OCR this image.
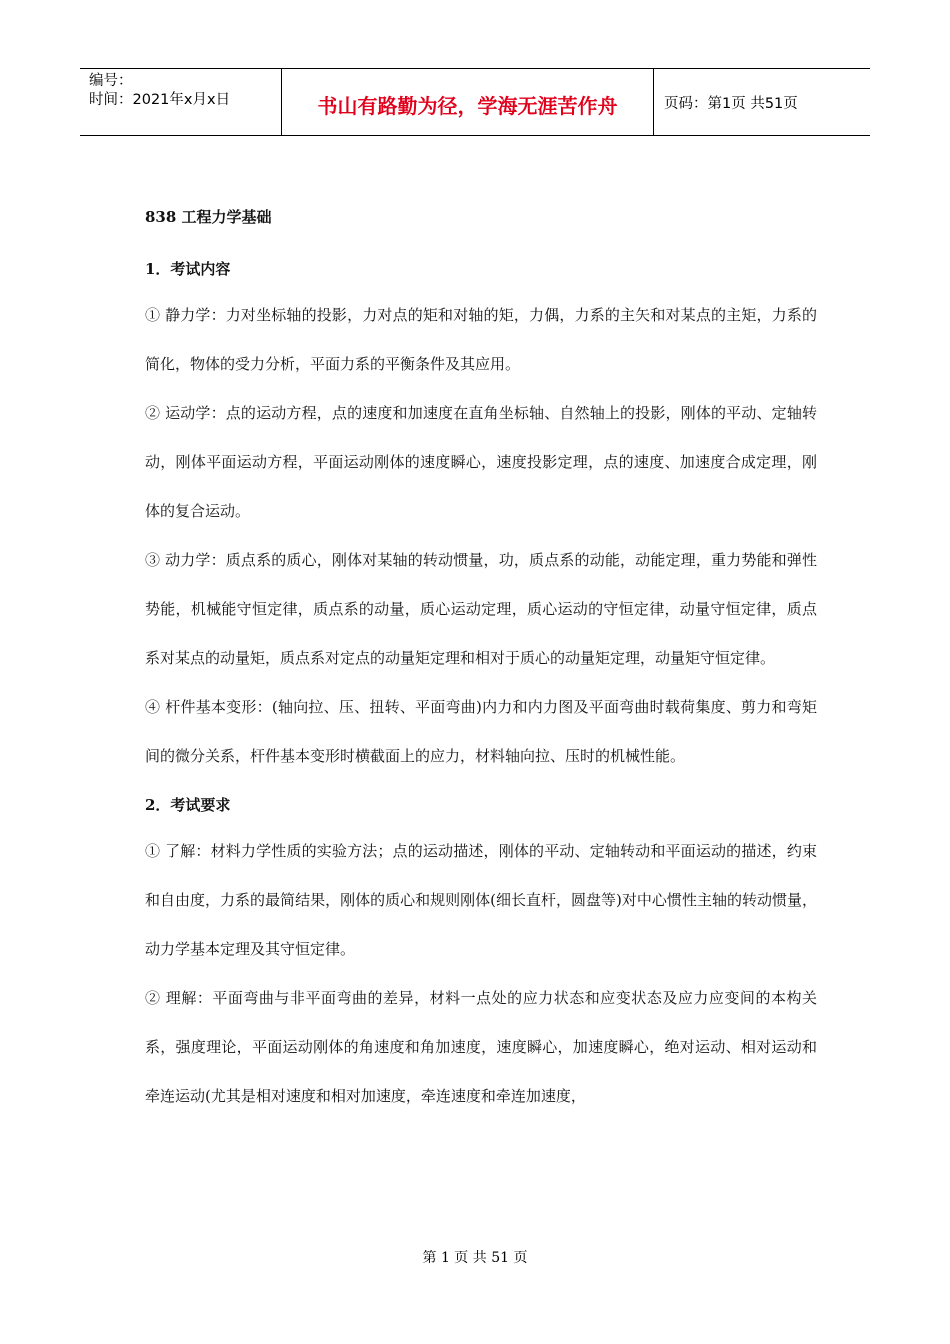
编号：
时间：2021年x月x日	书山有路勤为径，学海无涯苦作舟	页码：第1页 共51页
838 工程力学基础
1．考试内容
① 静力学：力对坐标轴的投影，力对点的矩和对轴的矩，力偶，力系的主矢和对某点的主矩，力系的简化，物体的受力分析，平面力系的平衡条件及其应用。
② 运动学：点的运动方程，点的速度和加速度在直角坐标轴、自然轴上的投影，刚体的平动、定轴转动，刚体平面运动方程，平面运动刚体的速度瞬心，速度投影定理，点的速度、加速度合成定理，刚体的复合运动。
③ 动力学：质点系的质心，刚体对某轴的转动惯量，功，质点系的动能，动能定理，重力势能和弹性势能，机械能守恒定律，质点系的动量，质心运动定理，质心运动的守恒定律，动量守恒定律，质点系对某点的动量矩，质点系对定点的动量矩定理和相对于质心的动量矩定理，动量矩守恒定律。
④ 杆件基本变形：(轴向拉、压、扭转、平面弯曲)内力和内力图及平面弯曲时载荷集度、剪力和弯矩间的微分关系，杆件基本变形时横截面上的应力，材料轴向拉、压时的机械性能。
2．考试要求
① 了解：材料力学性质的实验方法；点的运动描述，刚体的平动、定轴转动和平面运动的描述，约束和自由度，力系的最简结果，刚体的质心和规则刚体(细长直杆，圆盘等)对中心惯性主轴的转动惯量，动力学基本定理及其守恒定律。
② 理解：平面弯曲与非平面弯曲的差异，材料一点处的应力状态和应变状态及应力应变间的本构关系，强度理论，平面运动刚体的角速度和角加速度，速度瞬心，加速度瞬心，绝对运动、相对运动和牵连运动(尤其是相对速度和相对加速度，牵连速度和牵连加速度，
第 1 页 共 51 页
